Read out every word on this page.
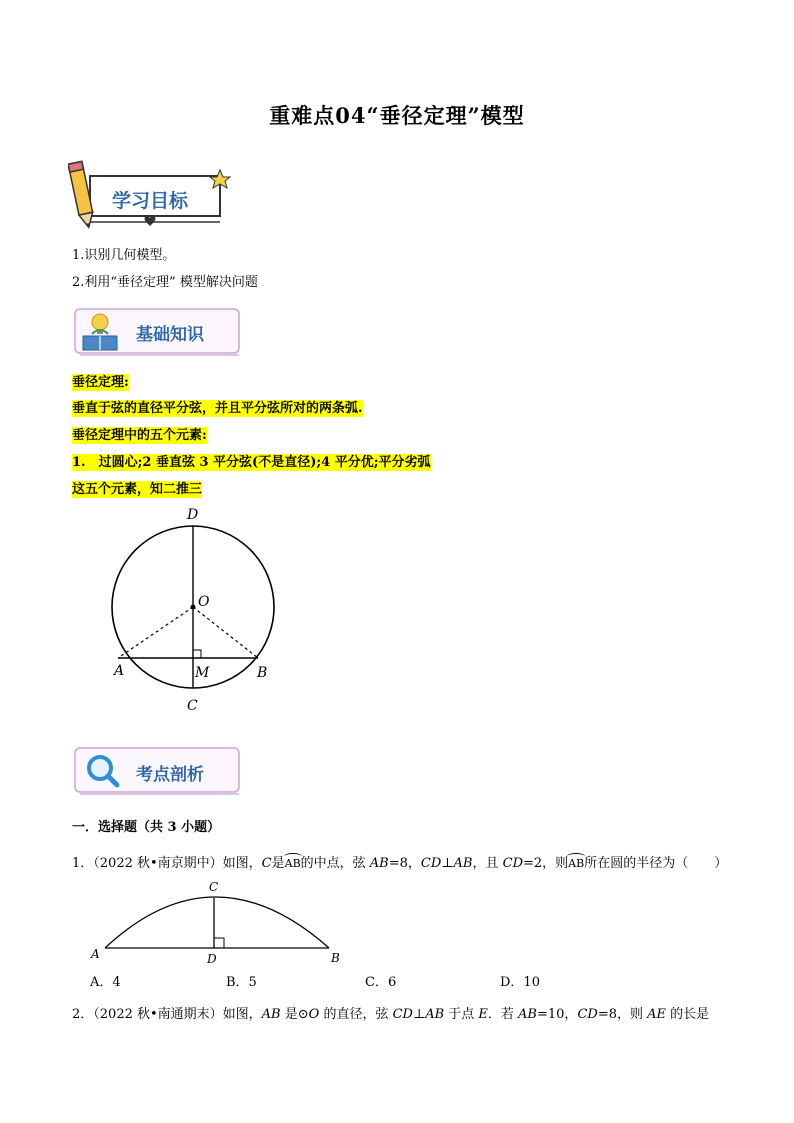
重难点04“垂径定理”模型
学习目标
1.识别几何模型。
2.利用“垂径定理” 模型解决问题
基础知识
垂径定理:
垂直于弦的直径平分弦，并且平分弦所对的两条弧.
垂径定理中的五个元素:
1.　过圆心;2 垂直弦 3 平分弦(不是直径);4 平分优;平分劣弧
这五个元素，知二推三
D
O
A	M	B
C
考点剖析
一．选择题（共 3 小题）
1．（2022 秋•南京期中）如图，C是AB的中点，弦 AB=8，CD⊥AB，且 CD=2，则AB所在圆的半径为（　　）
C
A	D	B
A．4	B．5	C．6	D．10
2．（2022 秋•南通期末）如图，AB 是⊙O 的直径，弦 CD⊥AB 于点 E．若 AB=10，CD=8，则 AE 的长是
